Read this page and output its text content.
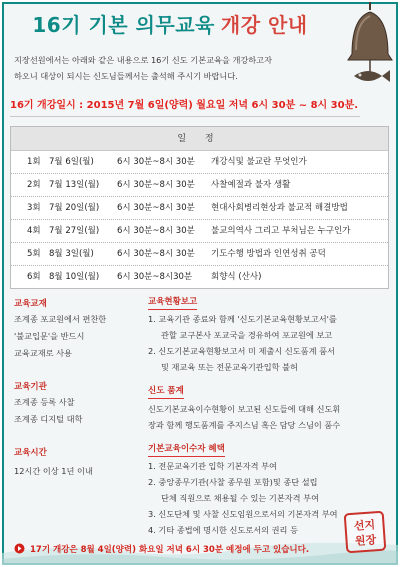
16기 기본 의무교육 개강 안내
지장선원에서는 아래와 같은 내용으로 16기 신도 기본교육을 개강하고자
하오니 대상이 되시는 신도님들께서는 출석해 주시기 바랍니다.
16기 개강일시 : 2015년 7월 6일(양력) 월요일 저녁 6시 30분 ~ 8시 30분.
일 정
1회 7월 6일(월)	6시 30분~8시 30분 개강식및 불교란 무엇인가
2회 7월 13일(월) 6시 30분~8시 30분 사찰예절과 불자 생활
3회 7월 20일(월) 6시 30분~8시 30분 현대사회병리현상과 불교적 해결방법
4회 7월 27일(월) 6시 30분~8시 30분 불교의역사 그리고 부처님은 누구인가
5회 8월 3일(월)	6시 30분~8시 30분 기도수행 방법과 인연성취 공덕
6회 8월 10일(월) 6시 30분~8시30분 회향식 (산사)
교육교재
조계종 포교원에서 편찬한
'불교입문'을 반드시
교육교재로 사용
교육기관
조계종 등록 사찰
조계종 디지털 대학
교육시간
12시간 이상 1년 이내
교육현황보고
1. 교육기관 종료와 함께 '신도기본교육현황보고서'를
관할 교구본사 포교국을 경유하여 포교원에 보고
2. 신도기본교육현황보고서 미 제출시 신도품계 품서
및 재교육 또는 전문교육기관입학 불허
신도 품계
신도기본교육이수현황이 보고된 신도들에 대해 신도휘
장과 함께 행도품계를 주지스님 혹은 담당 스님이 품수
기본교육이수자 혜택
1. 전문교육기관 입학 기본자격 부여
2. 중앙종무기관(사찰 종무원 포함)및 종단 설립
단체 직원으로 채용될 수 있는 기본자격 부여
3. 신도단체 및 사찰 신도임원으로서의 기본자격 부여
4. 기타 종법에 명시한 신도로서의 권리 등	선지
원장
17기 개강은 8월 4일(양력) 화요일 저녁 6시 30분 예정에 두고 있습니다.
